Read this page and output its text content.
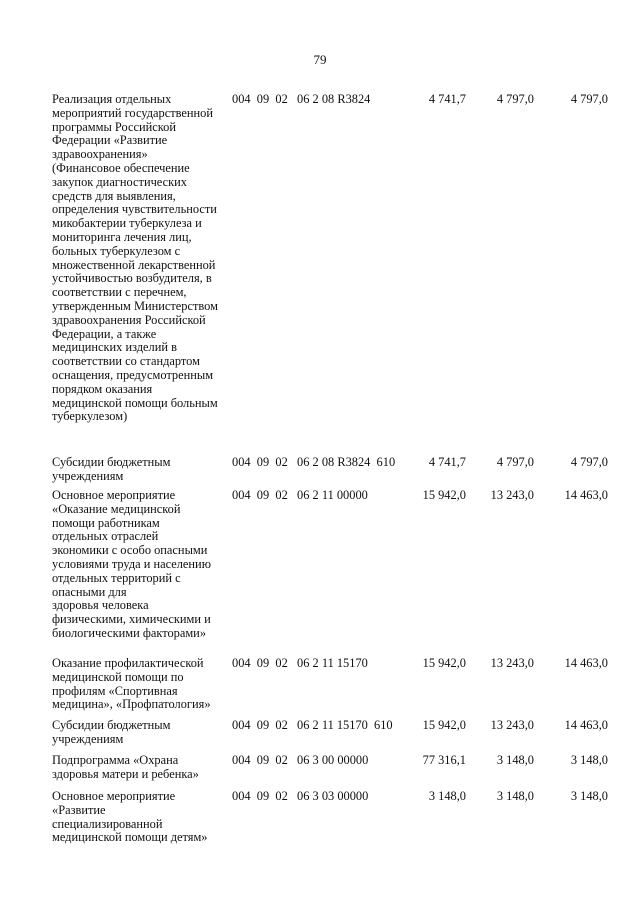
79
Реализация отдельных
мероприятий государственной
программы Российской
Федерации «Развитие
здравоохранения»
(Финансовое обеспечение
закупок диагностических
средств для выявления,
определения чувствительности
микобактерии туберкулеза и
мониторинга лечения лиц,
больных туберкулезом с
множественной лекарственной
устойчивостью возбудителя, в
соответствии с перечнем,
утвержденным Министерством
здравоохранения Российской
Федерации, а также
медицинских изделий в
соответствии со стандартом
оснащения, предусмотренным
порядком оказания
медицинской помощи больным
туберкулезом)
004  09  02   06 2 08 R3824	4 741,7	4 797,0	4 797,0
Субсидии бюджетным
учреждениям
004  09  02   06 2 08 R3824  610	4 741,7	4 797,0	4 797,0
Основное мероприятие
«Оказание медицинской
помощи работникам
отдельных отраслей
экономики с особо опасными
условиями труда и населению
отдельных территорий с
опасными для
здоровья человека
физическими, химическими и
биологическими факторами»
004  09  02   06 2 11 00000	15 942,0	13 243,0	14 463,0
Оказание профилактической
медицинской помощи по
профилям «Спортивная
медицина», «Профпатология»
004  09  02   06 2 11 15170	15 942,0	13 243,0	14 463,0
Субсидии бюджетным
учреждениям
004  09  02   06 2 11 15170  610	15 942,0	13 243,0	14 463,0
Подпрограмма «Охрана
здоровья матери и ребенка»
004  09  02   06 3 00 00000	77 316,1	3 148,0	3 148,0
Основное мероприятие
«Развитие
специализированной
медицинской помощи детям»
004  09  02   06 3 03 00000	3 148,0	3 148,0	3 148,0
